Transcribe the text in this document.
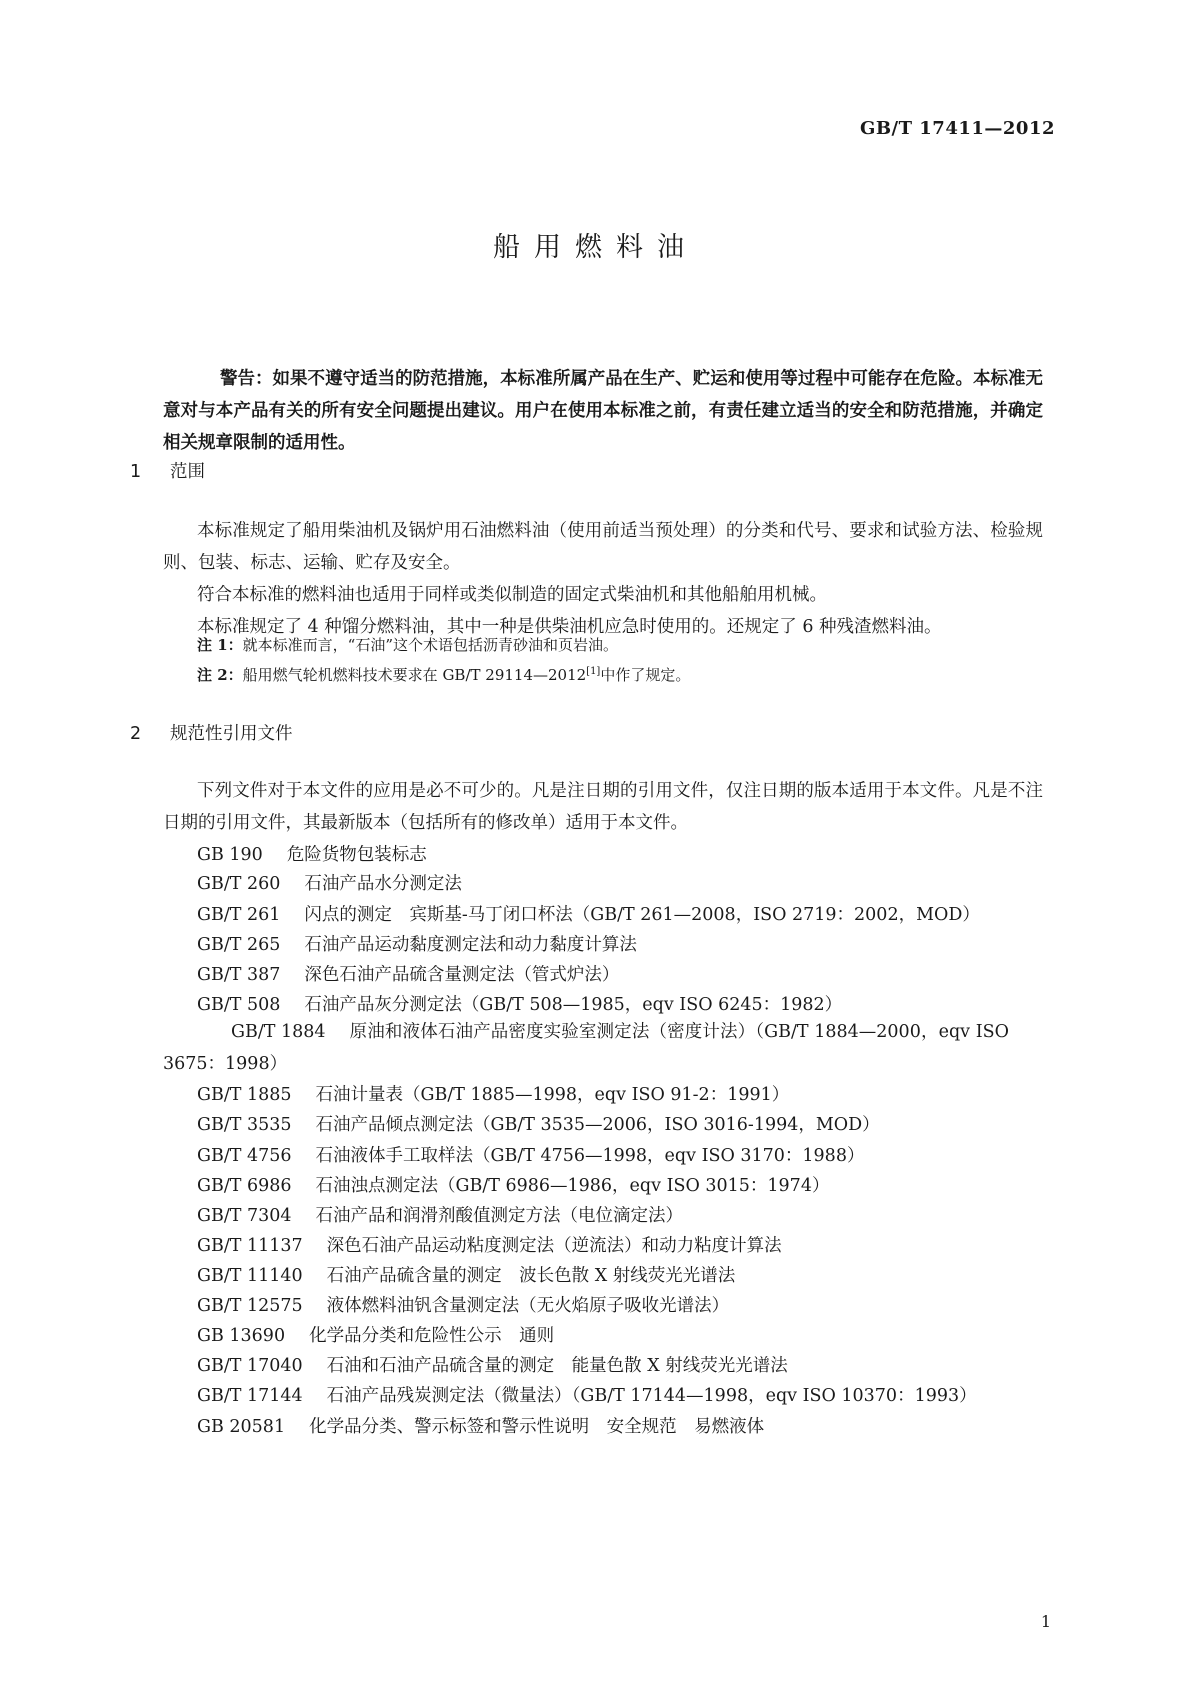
GB/T 17411—2012
船用燃料油

警告：如果不遵守适当的防范措施，本标准所属产品在生产、贮运和使用等过程中可能存在危险。本标准无意对与本产品有关的所有安全问题提出建议。用户在使用本标准之前，有责任建立适当的安全和防范措施，并确定相关规章限制的适用性。

1 范围

本标准规定了船用柴油机及锅炉用石油燃料油（使用前适当预处理）的分类和代号、要求和试验方法、检验规则、包装、标志、运输、贮存及安全。

符合本标准的燃料油也适用于同样或类似制造的固定式柴油机和其他船舶用机械。

本标准规定了 4 种馏分燃料油，其中一种是供柴油机应急时使用的。还规定了 6 种残渣燃料油。

注 1：就本标准而言，“石油”这个术语包括沥青砂油和页岩油。
注 2：船用燃气轮机燃料技术要求在 GB/T 29114—2012[1]中作了规定。
2 规范性引用文件

下列文件对于本文件的应用是必不可少的。凡是注日期的引用文件，仅注日期的版本适用于本文件。凡是不注日期的引用文件，其最新版本（包括所有的修改单）适用于本文件。

GB 190 危险货物包装标志
GB/T 260 石油产品水分测定法
GB/T 261 闪点的测定　宾斯基-马丁闭口杯法（GB/T 261—2008，ISO 2719：2002，MOD）
GB/T 265 石油产品运动黏度测定法和动力黏度计算法
GB/T 387 深色石油产品硫含量测定法（管式炉法）
GB/T 508 石油产品灰分测定法（GB/T 508—1985，eqv ISO 6245：1982）
GB/T 1884 原油和液体石油产品密度实验室测定法（密度计法）（GB/T 1884—2000，eqv ISO 3675：1998）
GB/T 1885 石油计量表（GB/T 1885—1998，eqv ISO 91-2：1991）
GB/T 3535 石油产品倾点测定法（GB/T 3535—2006，ISO 3016-1994，MOD）
GB/T 4756 石油液体手工取样法（GB/T 4756—1998，eqv ISO 3170：1988）
GB/T 6986 石油浊点测定法（GB/T 6986—1986，eqv ISO 3015：1974）
GB/T 7304 石油产品和润滑剂酸值测定方法（电位滴定法）
GB/T 11137 深色石油产品运动粘度测定法（逆流法）和动力粘度计算法
GB/T 11140 石油产品硫含量的测定　波长色散 X 射线荧光光谱法
GB/T 12575 液体燃料油钒含量测定法（无火焰原子吸收光谱法）
GB 13690 化学品分类和危险性公示　通则
GB/T 17040 石油和石油产品硫含量的测定　能量色散 X 射线荧光光谱法
GB/T 17144 石油产品残炭测定法（微量法）（GB/T 17144—1998，eqv ISO 10370：1993）
GB 20581 化学品分类、警示标签和警示性说明　安全规范　易燃液体
1
